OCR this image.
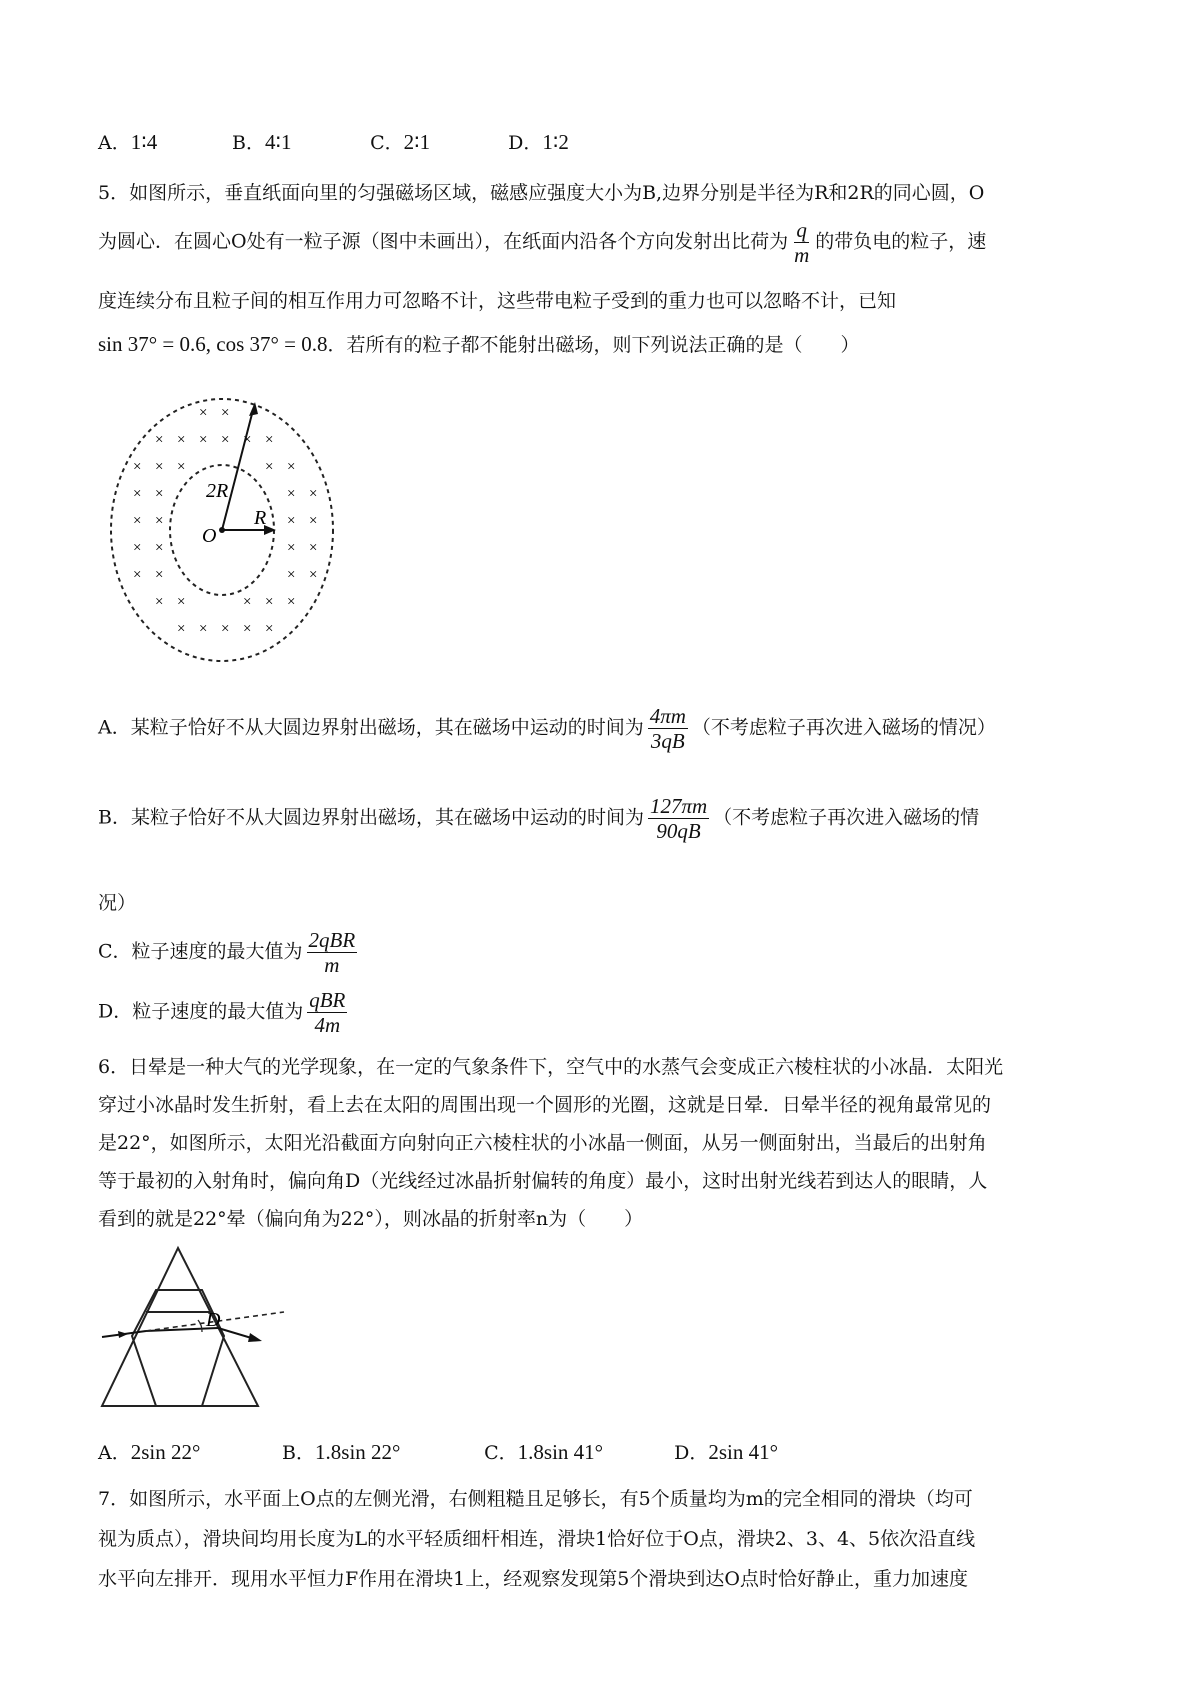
A．1∶4	B．4∶1	C．2∶1	D．1∶2
5．如图所示，垂直纸面向里的匀强磁场区域，磁感应强度大小为B,边界分别是半径为R和2R的同心圆，O
为圆心．在圆心O处有一粒子源（图中未画出），在纸面内沿各个方向发射出比荷为 $\frac{q}{m}$ 的带负电的粒子，速
度连续分布且粒子间的相互作用力可忽略不计，这些带电粒子受到的重力也可以忽略不计，已知
sin 37° = 0.6, cos 37° = 0.8．若所有的粒子都不能射出磁场，则下列说法正确的是（　　）
× ×
× × × × × ×
× × ×	× ×
× ×	× ×
× ×	× ×
× ×	× ×
× ×	× ×
× ×	× × ×
× × × × ×
2R
R
O
A．某粒子恰好不从大圆边界射出磁场，其在磁场中运动的时间为 $\frac{4\pi m}{3qB}$ （不考虑粒子再次进入磁场的情况）
B．某粒子恰好不从大圆边界射出磁场，其在磁场中运动的时间为 $\frac{127\pi m}{90qB}$ （不考虑粒子再次进入磁场的情
况）
C．粒子速度的最大值为 $\frac{\text{2qBR}}{m}$
D．粒子速度的最大值为 $\frac{\text{qBR}}{4m}$
6．日晕是一种大气的光学现象，在一定的气象条件下，空气中的水蒸气会变成正六棱柱状的小冰晶．太阳光
穿过小冰晶时发生折射，看上去在太阳的周围出现一个圆形的光圈，这就是日晕．日晕半径的视角最常见的
是22°，如图所示，太阳光沿截面方向射向正六棱柱状的小冰晶一侧面，从另一侧面射出，当最后的出射角
等于最初的入射角时，偏向角D（光线经过冰晶折射偏转的角度）最小，这时出射光线若到达人的眼睛，人
看到的就是22°晕（偏向角为22°），则冰晶的折射率n为（　　）
D
A．2sin 22°	B．1.8sin 22°	C．1.8sin 41°	D．2sin 41°
7．如图所示，水平面上O点的左侧光滑，右侧粗糙且足够长，有5个质量均为m的完全相同的滑块（均可
视为质点），滑块间均用长度为L的水平轻质细杆相连，滑块1恰好位于O点，滑块2、3、4、5依次沿直线
水平向左排开．现用水平恒力F作用在滑块1上，经观察发现第5个滑块到达O点时恰好静止，重力加速度
